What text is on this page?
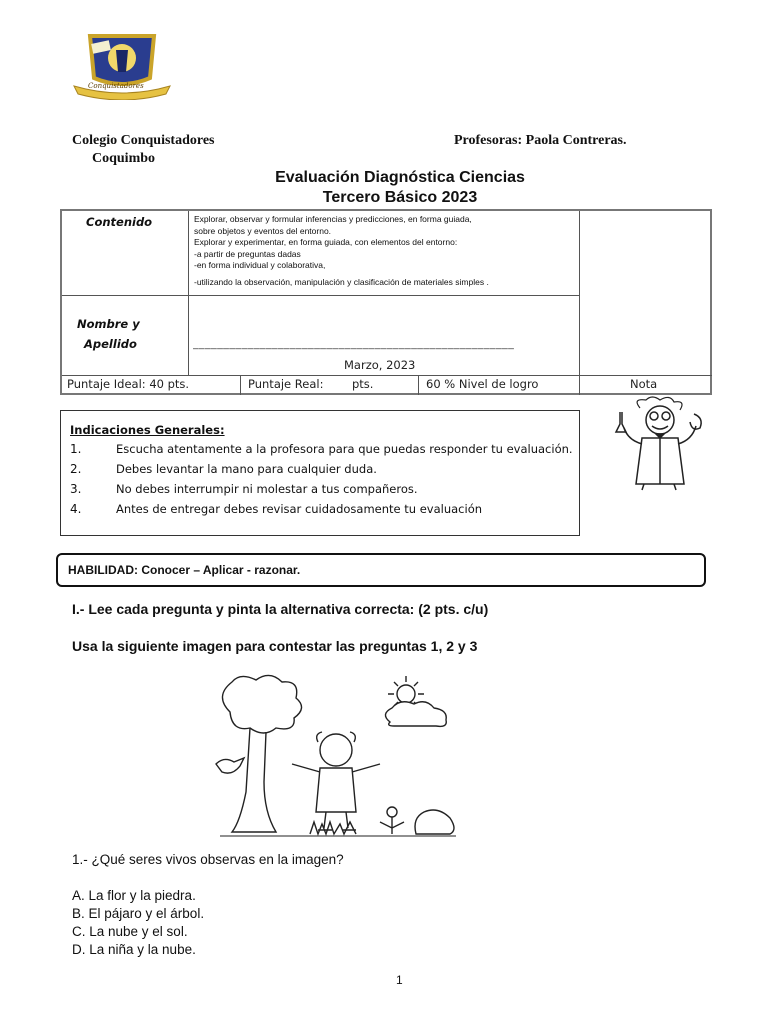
Conquistadores
Colegio Conquistadores
Coquimbo
Profesoras: Paola Contreras.
Evaluación Diagnóstica Ciencias
Tercero Básico 2023
Contenido	Explorar, observar y formular inferencias y predicciones, en forma guiada,
sobre objetos y eventos del entorno.
Explorar y experimentar, en forma guiada, con elementos del entorno:
-a partir de preguntas dadas
-en forma individual y colaborativa,
-utilizando la observación, manipulación y clasificación de materiales simples .
Nombre y
Apellido	_____________________________________________________
Marzo, 2023
Puntaje Ideal: 40 pts.	Puntaje Real: pts.	60 % Nivel de logro	Nota
Indicaciones Generales:
1.	Escucha atentamente a la profesora para que puedas responder tu evaluación.
2.	Debes levantar la mano para cualquier duda.
3.	No debes interrumpir ni molestar a tus compañeros.
4.	Antes de entregar debes revisar cuidadosamente tu evaluación
HABILIDAD: Conocer – Aplicar - razonar.
I.- Lee cada pregunta y pinta la alternativa correcta: (2 pts. c/u)
Usa la siguiente imagen para contestar las preguntas 1, 2 y 3
1.- ¿Qué seres vivos observas en la imagen?
A. La flor y la piedra.
B. El pájaro y el árbol.
C. La nube y el sol.
D. La niña y la nube.
1
